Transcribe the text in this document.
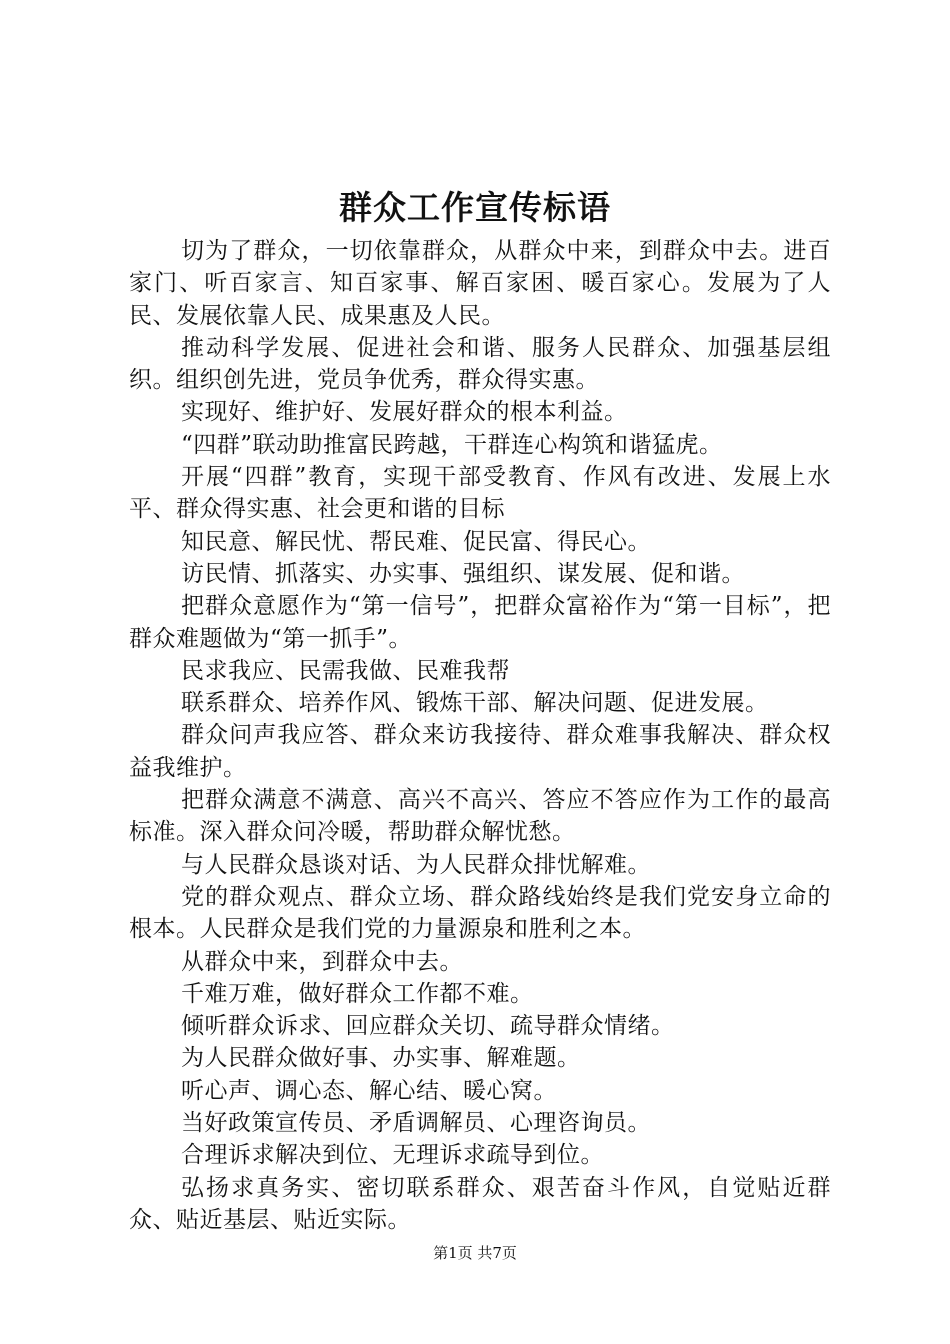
群众工作宣传标语

切为了群众，一切依靠群众，从群众中来，到群众中去。进百家门、听百家言、知百家事、解百家困、暖百家心。发展为了人民、发展依靠人民、成果惠及人民。

推动科学发展、促进社会和谐、服务人民群众、加强基层组织。组织创先进，党员争优秀，群众得实惠。

实现好、维护好、发展好群众的根本利益。

“四群”联动助推富民跨越，干群连心构筑和谐猛虎。

开展“四群”教育，实现干部受教育、作风有改进、发展上水平、群众得实惠、社会更和谐的目标

知民意、解民忧、帮民难、促民富、得民心。

访民情、抓落实、办实事、强组织、谋发展、促和谐。

把群众意愿作为“第一信号”，把群众富裕作为“第一目标”，把群众难题做为“第一抓手”。

民求我应、民需我做、民难我帮

联系群众、培养作风、锻炼干部、解决问题、促进发展。

群众问声我应答、群众来访我接待、群众难事我解决、群众权益我维护。

把群众满意不满意、高兴不高兴、答应不答应作为工作的最高标准。深入群众问冷暖，帮助群众解忧愁。

与人民群众恳谈对话、为人民群众排忧解难。

党的群众观点、群众立场、群众路线始终是我们党安身立命的根本。人民群众是我们党的力量源泉和胜利之本。

从群众中来，到群众中去。

千难万难，做好群众工作都不难。

倾听群众诉求、回应群众关切、疏导群众情绪。

为人民群众做好事、办实事、解难题。

听心声、调心态、解心结、暖心窝。

当好政策宣传员、矛盾调解员、心理咨询员。

合理诉求解决到位、无理诉求疏导到位。

弘扬求真务实、密切联系群众、艰苦奋斗作风，自觉贴近群众、贴近基层、贴近实际。

第1页 共7页
